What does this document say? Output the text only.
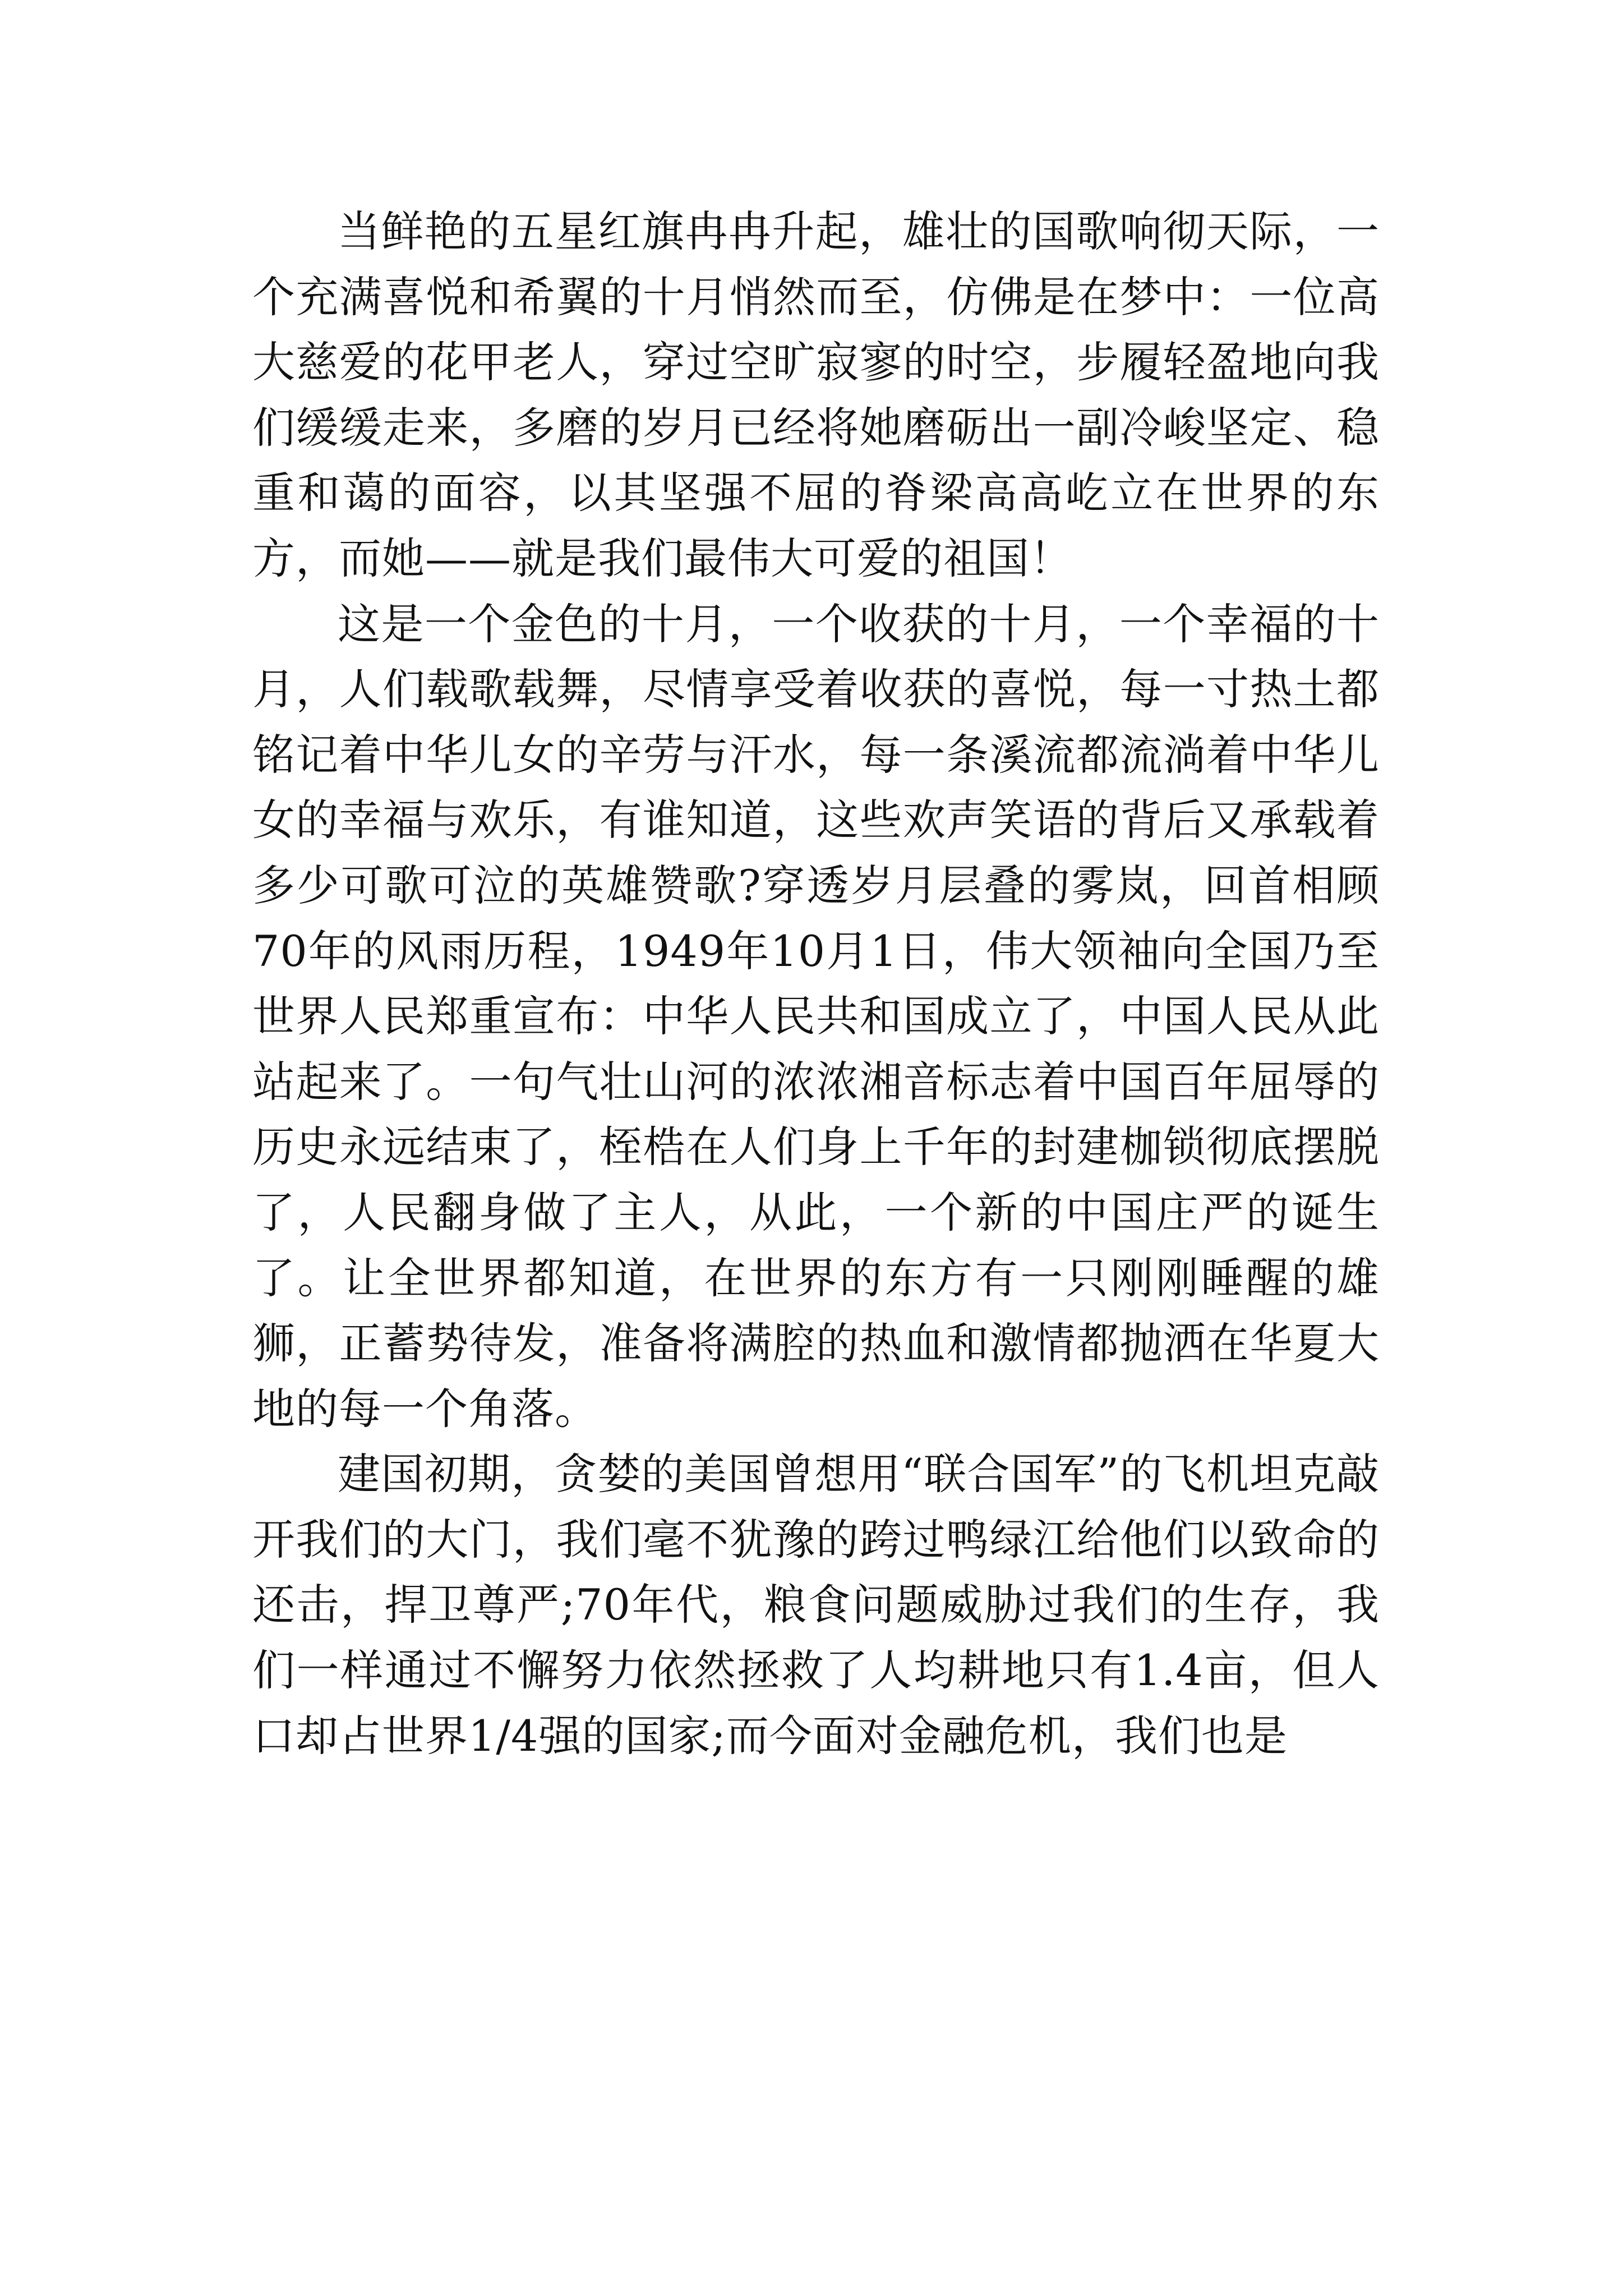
当鲜艳的五星红旗冉冉升起，雄壮的国歌响彻天际，一个充满喜悦和希翼的十月悄然而至，仿佛是在梦中：一位高大慈爱的花甲老人，穿过空旷寂寥的时空，步履轻盈地向我们缓缓走来，多磨的岁月已经将她磨砺出一副冷峻坚定、稳重和蔼的面容，以其坚强不屈的脊梁高高屹立在世界的东方，而她——就是我们最伟大可爱的祖国！

这是一个金色的十月，一个收获的十月，一个幸福的十月，人们载歌载舞，尽情享受着收获的喜悦，每一寸热土都铭记着中华儿女的辛劳与汗水，每一条溪流都流淌着中华儿女的幸福与欢乐，有谁知道，这些欢声笑语的背后又承载着多少可歌可泣的英雄赞歌?穿透岁月层叠的雾岚，回首相顾70年的风雨历程，1949年10月1日，伟大领袖向全国乃至世界人民郑重宣布：中华人民共和国成立了，中国人民从此站起来了。一句气壮山河的浓浓湘音标志着中国百年屈辱的历史永远结束了，桎梏在人们身上千年的封建枷锁彻底摆脱了，人民翻身做了主人，从此，一个新的中国庄严的诞生了。让全世界都知道，在世界的东方有一只刚刚睡醒的雄狮，正蓄势待发，准备将满腔的热血和激情都抛洒在华夏大地的每一个角落。

建国初期，贪婪的美国曾想用“联合国军”的飞机坦克敲开我们的大门，我们毫不犹豫的跨过鸭绿江给他们以致命的还击，捍卫尊严;70年代，粮食问题威胁过我们的生存，我们一样通过不懈努力依然拯救了人均耕地只有1.4亩，但人口却占世界1/4强的国家;而今面对金融危机，我们也是
